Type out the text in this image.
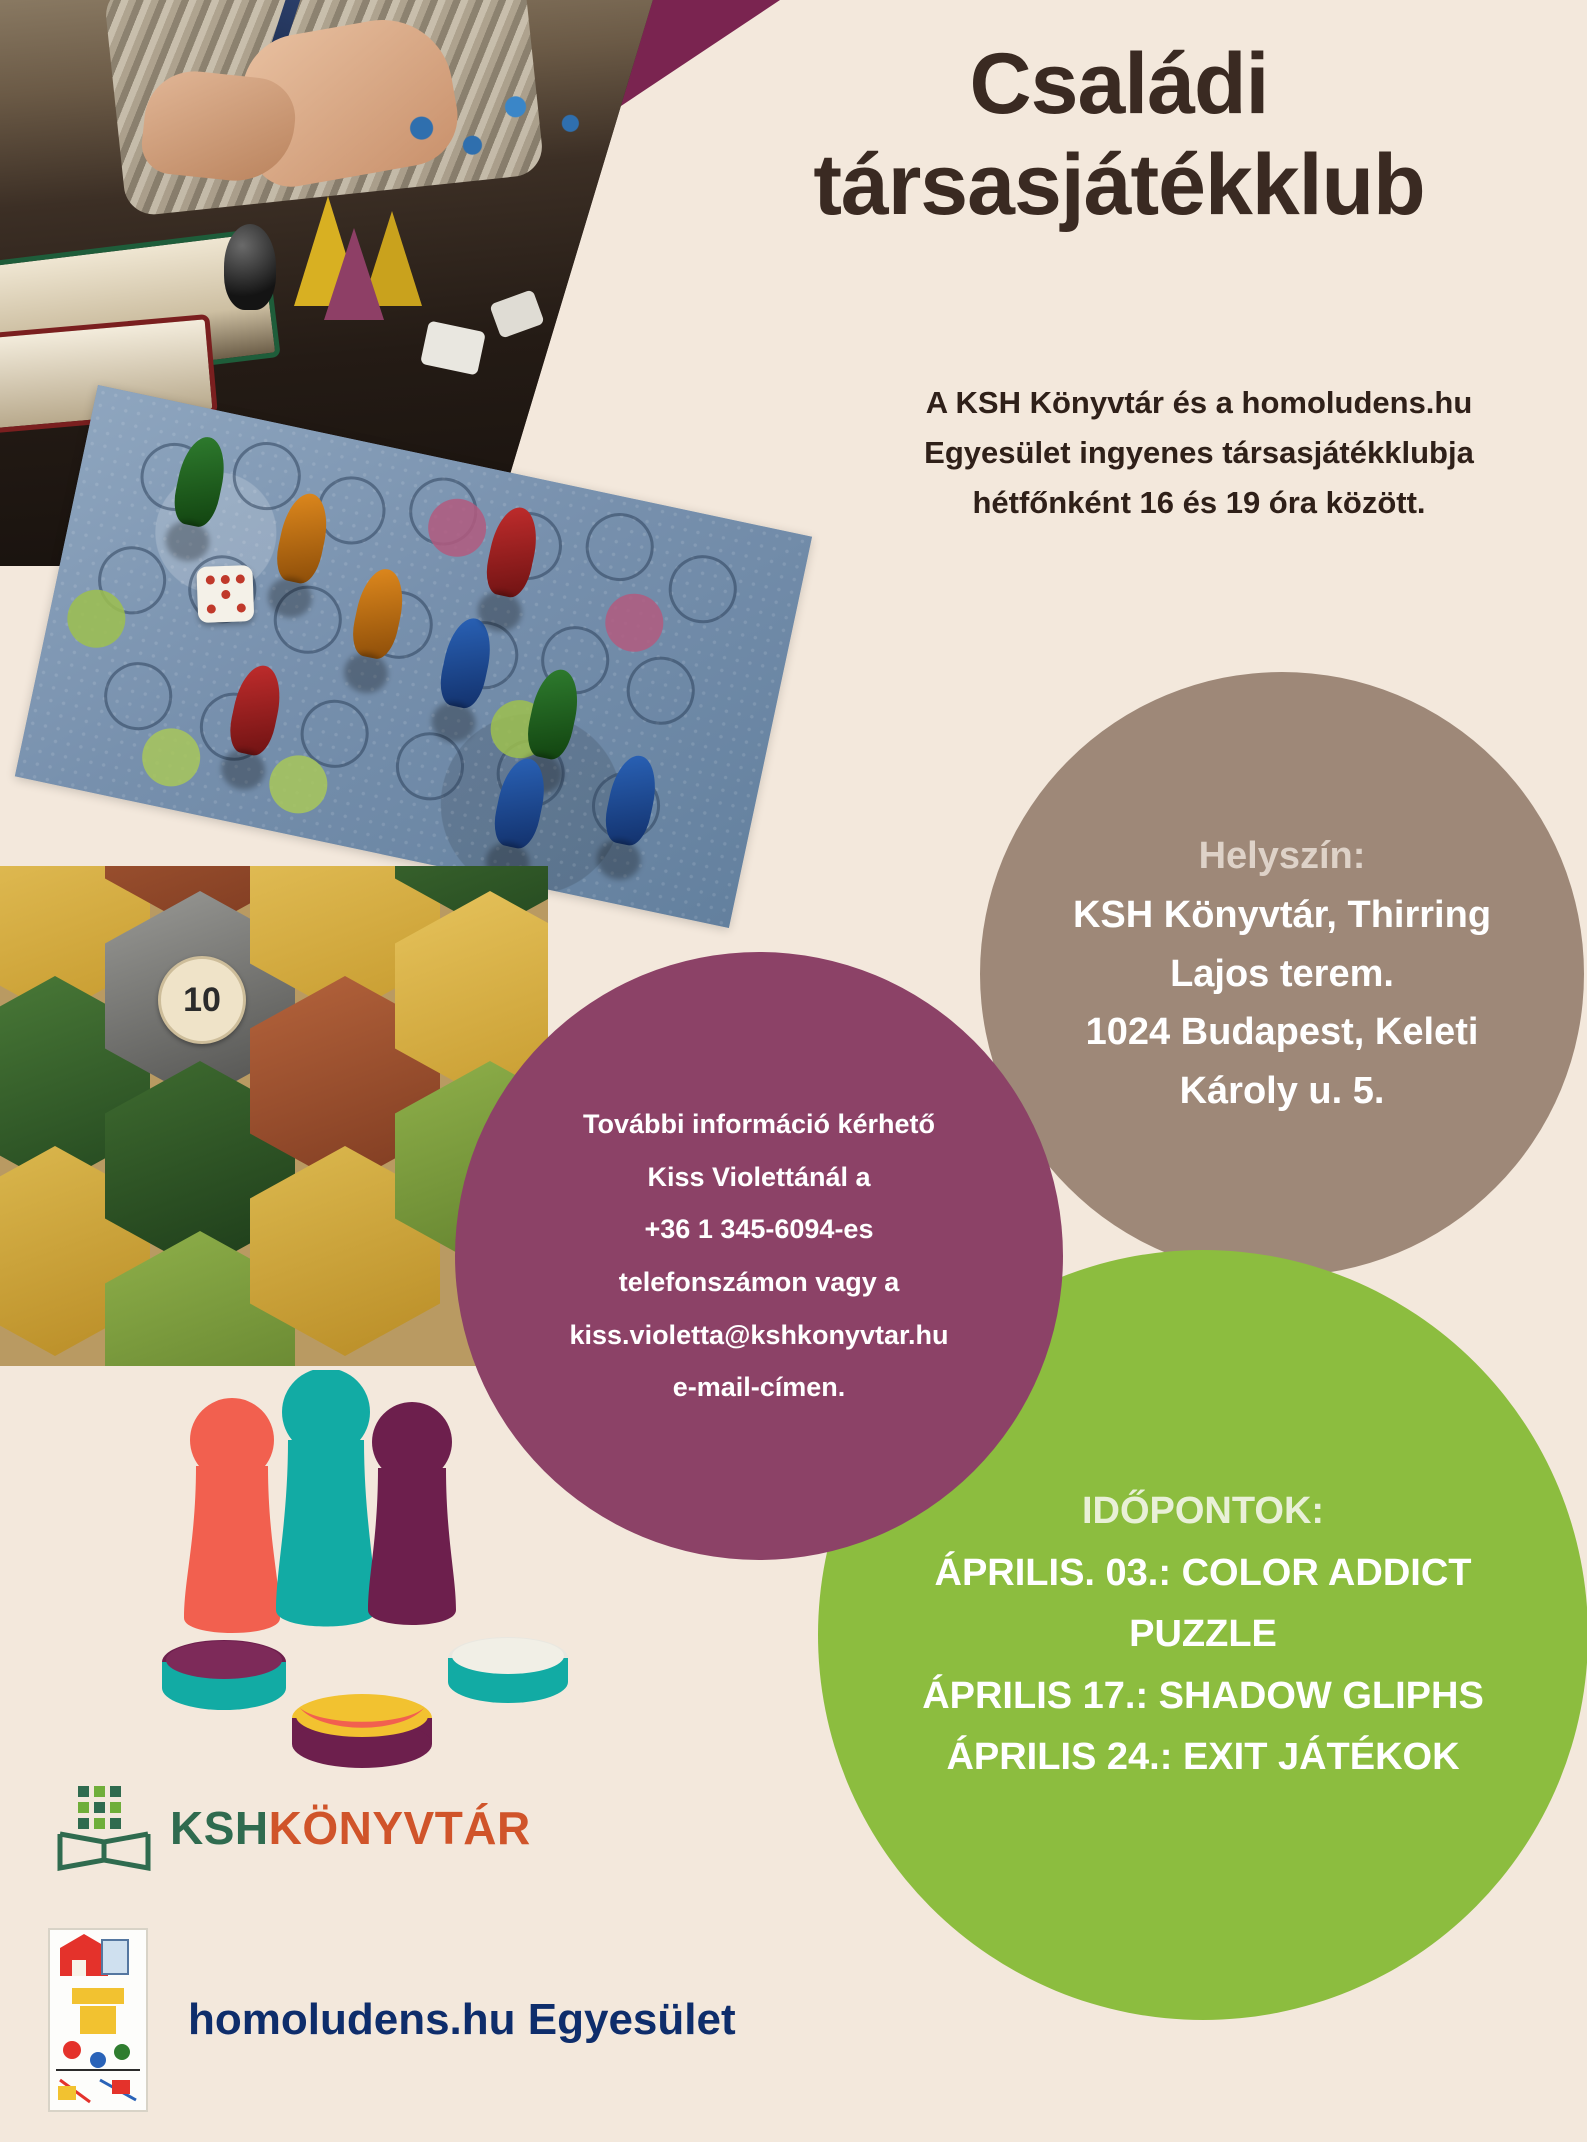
10
Helyszín:
KSH Könyvtár, Thirring
Lajos terem.
1024 Budapest, Keleti
Károly u. 5.
További információ kérhető
Kiss Violettánál a
+36 1 345-6094-es
telefonszámon vagy a
kiss.violetta@kshkonyvtar.hu
e-mail-címen.
IDŐPONTOK:
ÁPRILIS. 03.: COLOR ADDICT
PUZZLE
ÁPRILIS 17.: SHADOW GLIPHS
ÁPRILIS 24.: EXIT JÁTÉKOK
Családi
társasjátékklub
A KSH Könyvtár és a homoludens.hu Egyesület ingyenes társasjátékklubja hétfőnként 16 és 19 óra között.
KSHKÖNYVTÁR
homoludens.hu Egyesület
